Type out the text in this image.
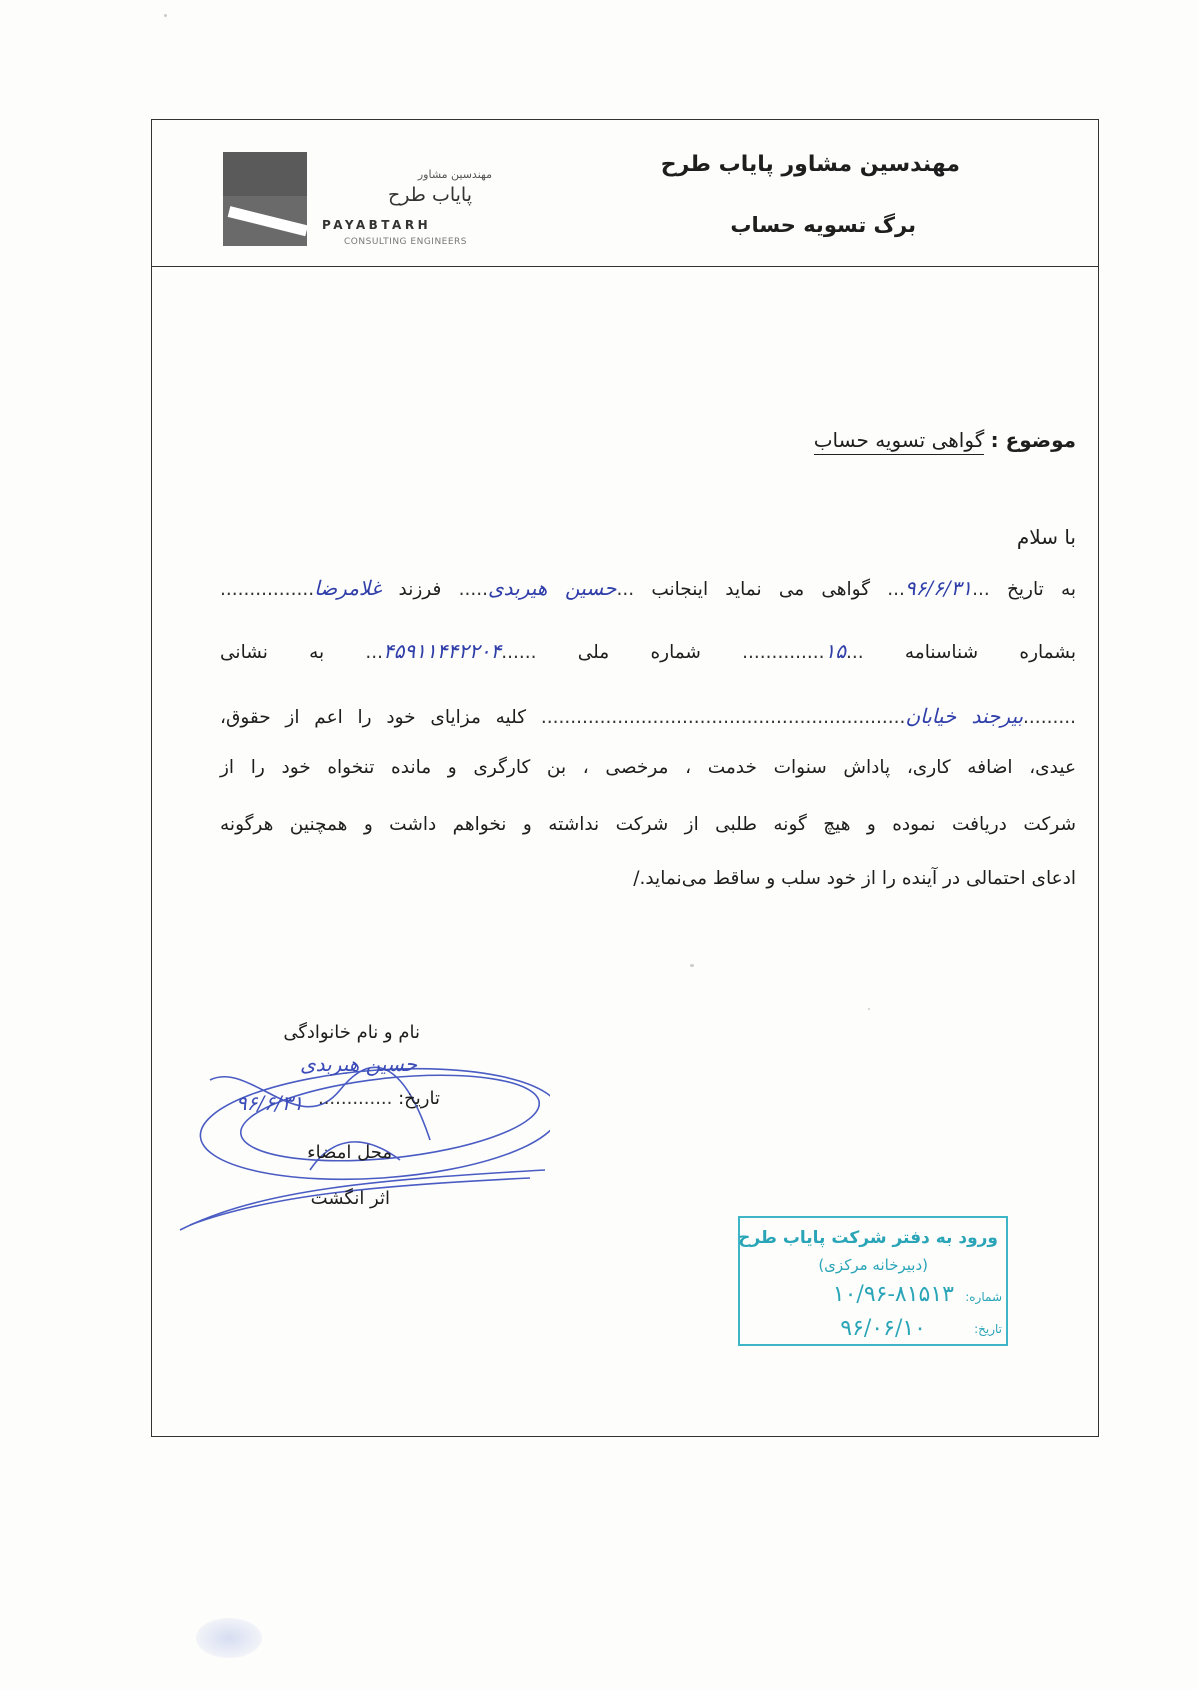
مهندسین مشاور
پایاب طرح
PAYABTARH
CONSULTING ENGINEERS
مهندسین مشاور پایاب طرح
برگ تسویه حساب
موضوع : گواهی تسویه حساب
با سلام
به تاریخ ...۹۶/۶/۳۱... گواهی می نماید اینجانب ...حسین هیربدی..... فرزند غلامرضا................
بشماره شناسنامه ...۱۵.............. شماره ملی ......۴۵۹۱۱۴۴۲۲۰۴... به نشانی
.........بیرجند خیابان.............................................................. کلیه مزایای خود را اعم از حقوق،
عیدی، اضافه کاری، پاداش سنوات خدمت ، مرخصی ، بن کارگری و مانده تنخواه خود را از
شرکت دریافت نموده و هیچ گونه طلبی از شرکت نداشته و نخواهم داشت و همچنین هرگونه
ادعای احتمالی در آینده را از خود سلب و ساقط می‌نماید./
نام و نام خانوادگی
حسین هیربدی
تاریخ: .............
۹۶/۶/۳۱
محل امضاء
اثر انگشت
ورود به دفتر شرکت پایاب طرح
(دبیرخانه مرکزی)
شماره:
۱۰/۹۶-۸۱۵۱۳
تاریخ:
۹۶/۰۶/۱۰
